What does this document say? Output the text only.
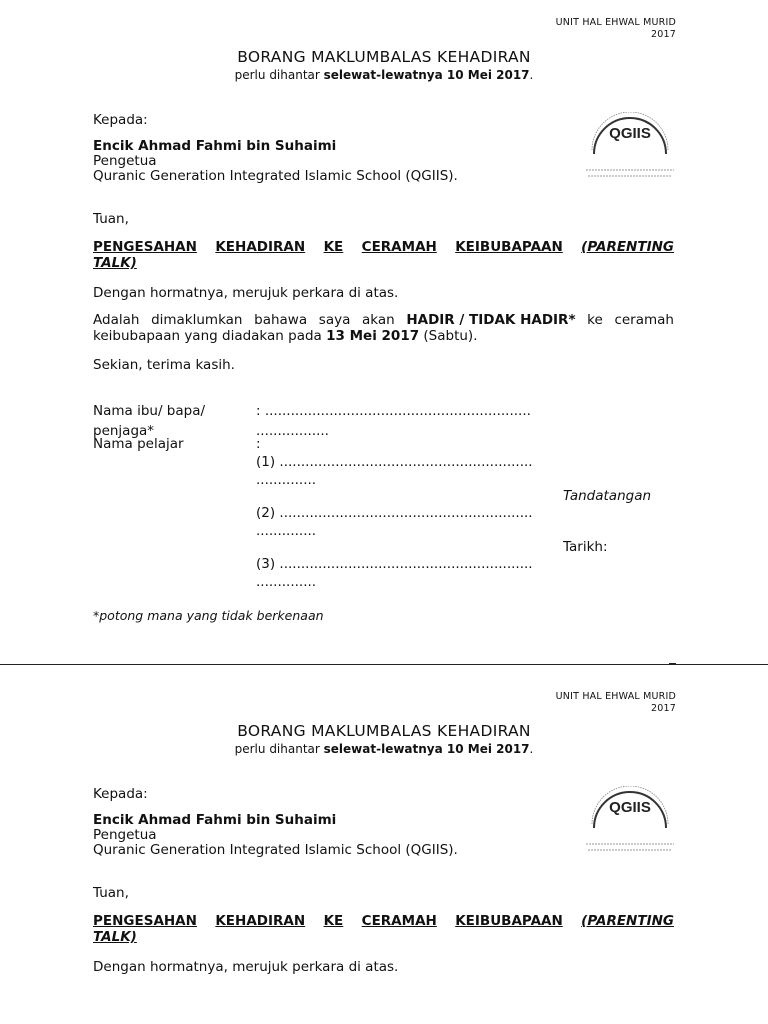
UNIT HAL EHWAL MURID
2017
BORANG MAKLUMBALAS KEHADIRAN
perlu dihantar selewat-lewatnya 10 Mei 2017.
Kepada:
Encik Ahmad Fahmi bin Suhaimi
Pengetua
Quranic Generation Integrated Islamic School (QGIIS).
QGIIS
Tuan,
PENGESAHAN KEHADIRAN KE CERAMAH KEIBUBAPAAN (PARENTING
TALK)
Dengan hormatnya, merujuk perkara di atas.
Adalah dimaklumkan bahawa saya akan HADIR / TIDAK HADIR* ke ceramah
keibubapaan yang diadakan pada 13 Mei 2017 (Sabtu).
Sekian, terima kasih.
Nama ibu/ bapa/
penjaga*
: ..............................................................
.................
Nama pelajar	:
(1) ...........................................................
..............
(2) ...........................................................
..............
(3) ...........................................................
..............
Tandatangan
Tarikh:
*potong mana yang tidak berkenaan
UNIT HAL EHWAL MURID
2017
BORANG MAKLUMBALAS KEHADIRAN
perlu dihantar selewat-lewatnya 10 Mei 2017.
Kepada:
Encik Ahmad Fahmi bin Suhaimi
Pengetua
Quranic Generation Integrated Islamic School (QGIIS).
QGIIS
Tuan,
PENGESAHAN KEHADIRAN KE CERAMAH KEIBUBAPAAN (PARENTING
TALK)
Dengan hormatnya, merujuk perkara di atas.
